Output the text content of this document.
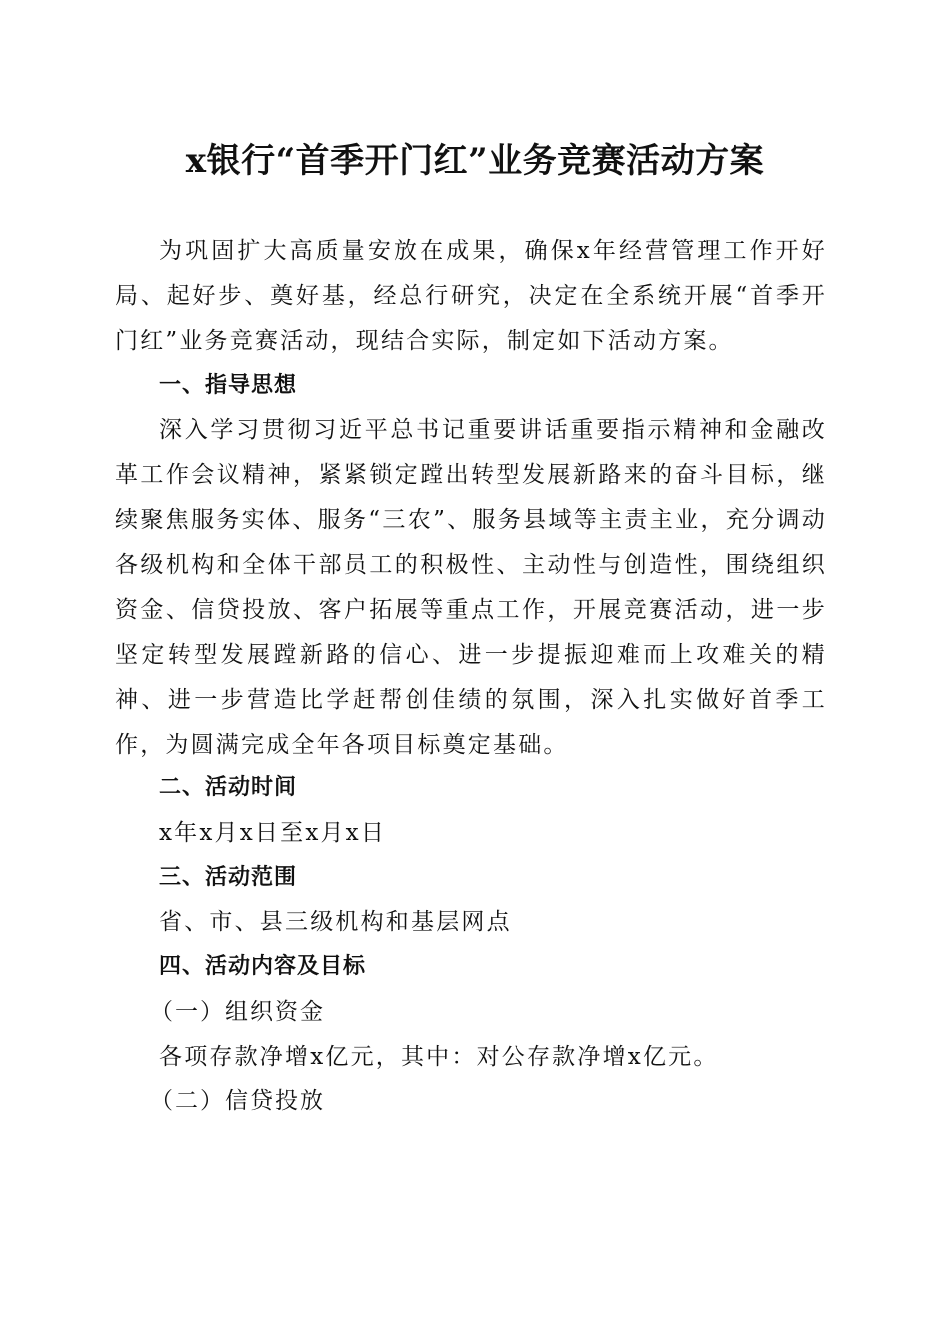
x银行“首季开门红”业务竞赛活动方案

为巩固扩大高质量安放在成果，确保x年经营管理工作开好局、起好步、奠好基，经总行研究，决定在全系统开展“首季开门红”业务竞赛活动，现结合实际，制定如下活动方案。

一、指导思想

深入学习贯彻习近平总书记重要讲话重要指示精神和金融改革工作会议精神，紧紧锁定蹚出转型发展新路来的奋斗目标，继续聚焦服务实体、服务“三农”、服务县域等主责主业，充分调动各级机构和全体干部员工的积极性、主动性与创造性，围绕组织资金、信贷投放、客户拓展等重点工作，开展竞赛活动，进一步坚定转型发展蹚新路的信心、进一步提振迎难而上攻难关的精神、进一步营造比学赶帮创佳绩的氛围，深入扎实做好首季工作，为圆满完成全年各项目标奠定基础。

二、活动时间
x年x月x日至x月x日
三、活动范围
省、市、县三级机构和基层网点
四、活动内容及目标
（一）组织资金
各项存款净增x亿元，其中：对公存款净增x亿元。
（二）信贷投放
